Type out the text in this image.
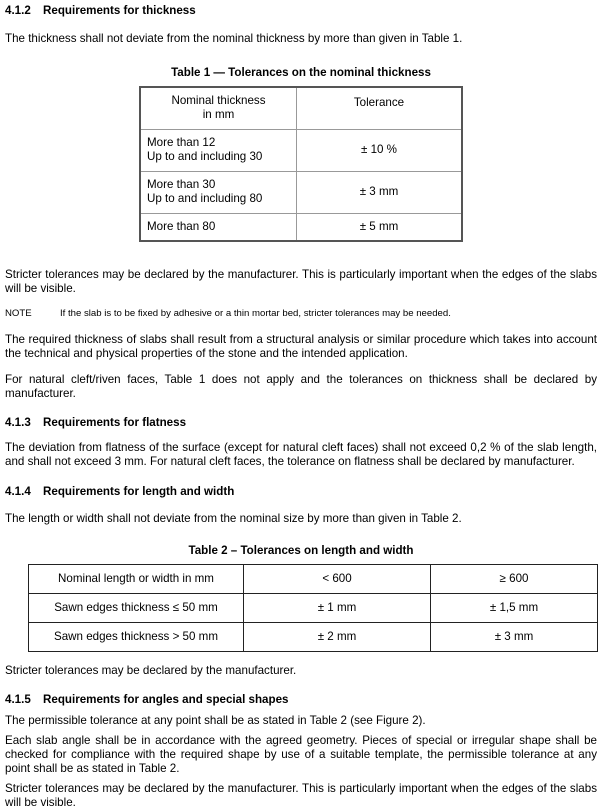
4.1.2 Requirements for thickness
The thickness shall not deviate from the nominal thickness by more than given in Table 1.
Table 1 — Tolerances on the nominal thickness
Nominal thickness
in mm	Tolerance

More than 12
Up to and including 30	± 10 %

More than 30
Up to and including 80	± 3 mm
More than 80	± 5 mm
Stricter tolerances may be declared by the manufacturer. This is particularly important when the edges of the slabs will be visible.
NOTE	If the slab is to be fixed by adhesive or a thin mortar bed, stricter tolerances may be needed.
The required thickness of slabs shall result from a structural analysis or similar procedure which takes into account the technical and physical properties of the stone and the intended application.
For natural cleft/riven faces, Table 1 does not apply and the tolerances on thickness shall be declared by manufacturer.
4.1.3 Requirements for flatness
The deviation from flatness of the surface (except for natural cleft faces) shall not exceed 0,2 % of the slab length, and shall not exceed 3 mm. For natural cleft faces, the tolerance on flatness shall be declared by manufacturer.
4.1.4 Requirements for length and width
The length or width shall not deviate from the nominal size by more than given in Table 2.
Table 2 – Tolerances on length and width
Nominal length or width in mm	< 600	≥ 600
Sawn edges thickness ≤ 50 mm	± 1 mm	± 1,5 mm
Sawn edges thickness > 50 mm	± 2 mm	± 3 mm
Stricter tolerances may be declared by the manufacturer.
4.1.5 Requirements for angles and special shapes
The permissible tolerance at any point shall be as stated in Table 2 (see Figure 2).
Each slab angle shall be in accordance with the agreed geometry. Pieces of special or irregular shape shall be checked for compliance with the required shape by use of a suitable template, the permissible tolerance at any point shall be as stated in Table 2.
Stricter tolerances may be declared by the manufacturer. This is particularly important when the edges of the slabs will be visible.
